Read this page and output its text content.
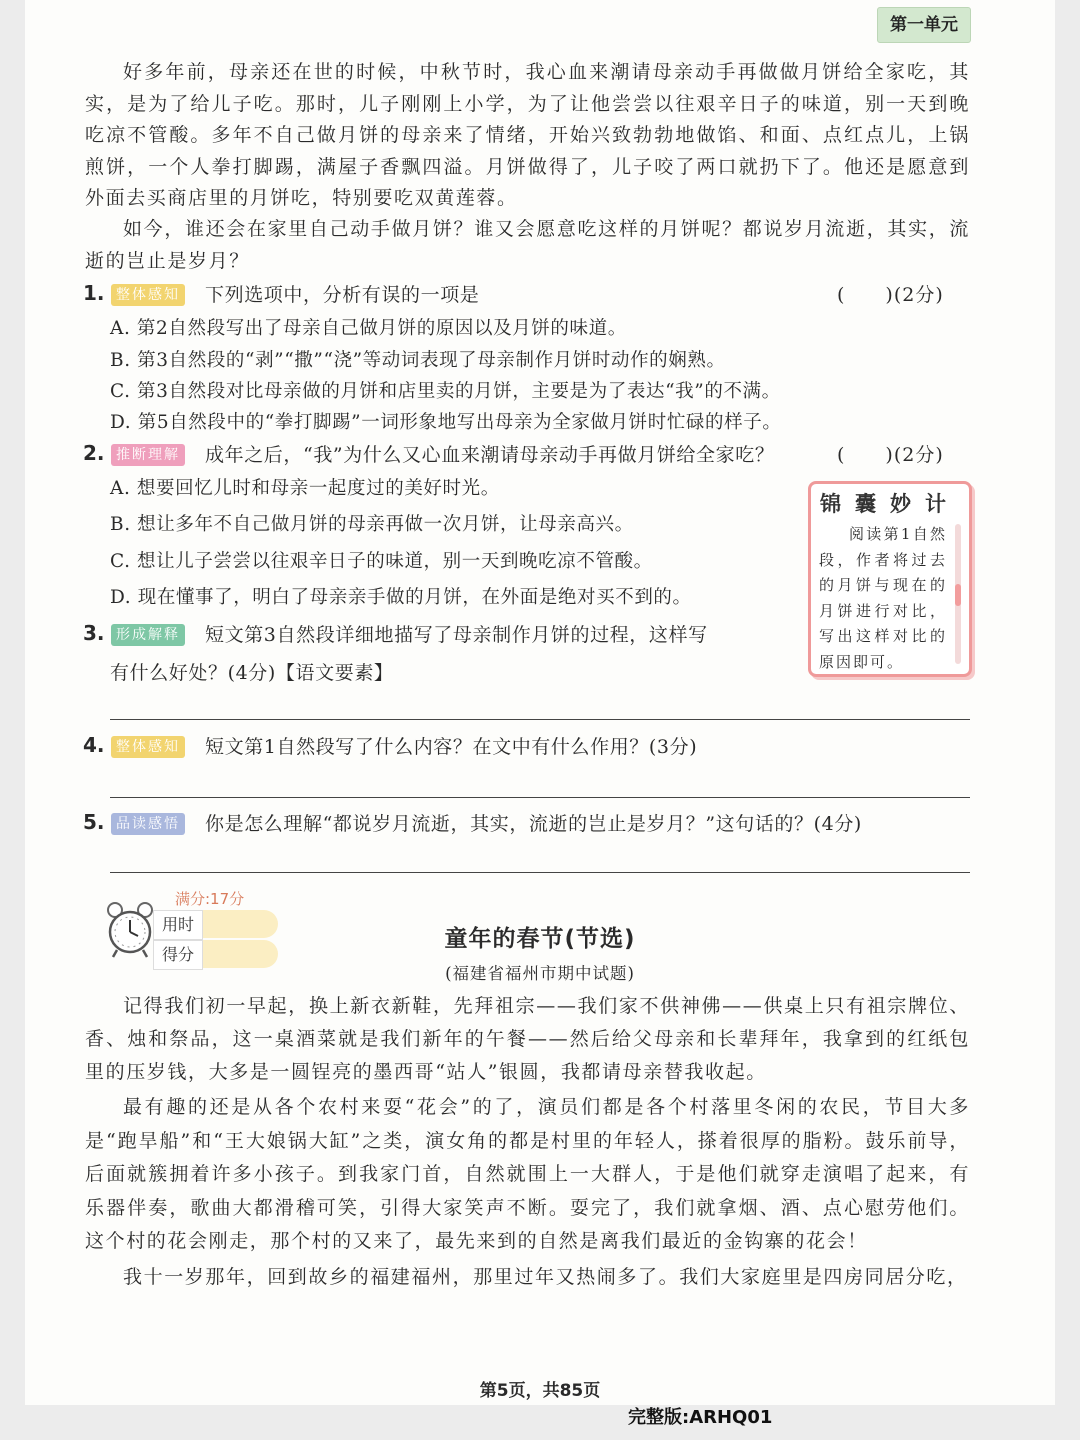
第一单元

好多年前，母亲还在世的时候，中秋节时，我心血来潮请母亲动手再做做月饼给全家吃，其实，是为了给儿子吃。那时，儿子刚刚上小学，为了让他尝尝以往艰辛日子的味道，别一天到晚吃凉不管酸。多年不自己做月饼的母亲来了情绪，开始兴致勃勃地做馅、和面、点红点儿，上锅煎饼，一个人拳打脚踢，满屋子香飘四溢。月饼做得了，儿子咬了两口就扔下了。他还是愿意到外面去买商店里的月饼吃，特别要吃双黄莲蓉。

如今，谁还会在家里自己动手做月饼？谁又会愿意吃这样的月饼呢？都说岁月流逝，其实，流逝的岂止是岁月？

1. 整体感知 下列选项中，分析有误的一项是	(　　)(2分)
A. 第2自然段写出了母亲自己做月饼的原因以及月饼的味道。
B. 第3自然段的“剥”“撒”“浇”等动词表现了母亲制作月饼时动作的娴熟。
C. 第3自然段对比母亲做的月饼和店里卖的月饼，主要是为了表达“我”的不满。
D. 第5自然段中的“拳打脚踢”一词形象地写出母亲为全家做月饼时忙碌的样子。
2. 推断理解 成年之后，“我”为什么又心血来潮请母亲动手再做月饼给全家吃？	(　　)(2分)
A. 想要回忆儿时和母亲一起度过的美好时光。
B. 想让多年不自己做月饼的母亲再做一次月饼，让母亲高兴。
C. 想让儿子尝尝以往艰辛日子的味道，别一天到晚吃凉不管酸。
D. 现在懂事了，明白了母亲亲手做的月饼，在外面是绝对买不到的。
锦囊妙计
阅读第1自然段，作者将过去的月饼与现在的月饼进行对比，写出这样对比的原因即可。
3. 形成解释 短文第3自然段详细地描写了母亲制作月饼的过程，这样写
有什么好处？(4分)【语文要素】
4. 整体感知 短文第1自然段写了什么内容？在文中有什么作用？(3分)
5. 品读感悟 你是怎么理解“都说岁月流逝，其实，流逝的岂止是岁月？”这句话的？(4分)
满分:17分
用时
得分
童年的春节(节选)
(福建省福州市期中试题)

记得我们初一早起，换上新衣新鞋，先拜祖宗——我们家不供神佛——供桌上只有祖宗牌位、香、烛和祭品，这一桌酒菜就是我们新年的午餐——然后给父母亲和长辈拜年，我拿到的红纸包里的压岁钱，大多是一圆锃亮的墨西哥“站人”银圆，我都请母亲替我收起。

最有趣的还是从各个农村来耍“花会”的了，演员们都是各个村落里冬闲的农民，节目大多是“跑旱船”和“王大娘锅大缸”之类，演女角的都是村里的年轻人，搽着很厚的脂粉。鼓乐前导，后面就簇拥着许多小孩子。到我家门首，自然就围上一大群人，于是他们就穿走演唱了起来，有乐器伴奏，歌曲大都滑稽可笑，引得大家笑声不断。耍完了，我们就拿烟、酒、点心慰劳他们。这个村的花会刚走，那个村的又来了，最先来到的自然是离我们最近的金钩寨的花会！

我十一岁那年，回到故乡的福建福州，那里过年又热闹多了。我们大家庭里是四房同居分吃，

第5页，共85页
完整版:ARHQ01
